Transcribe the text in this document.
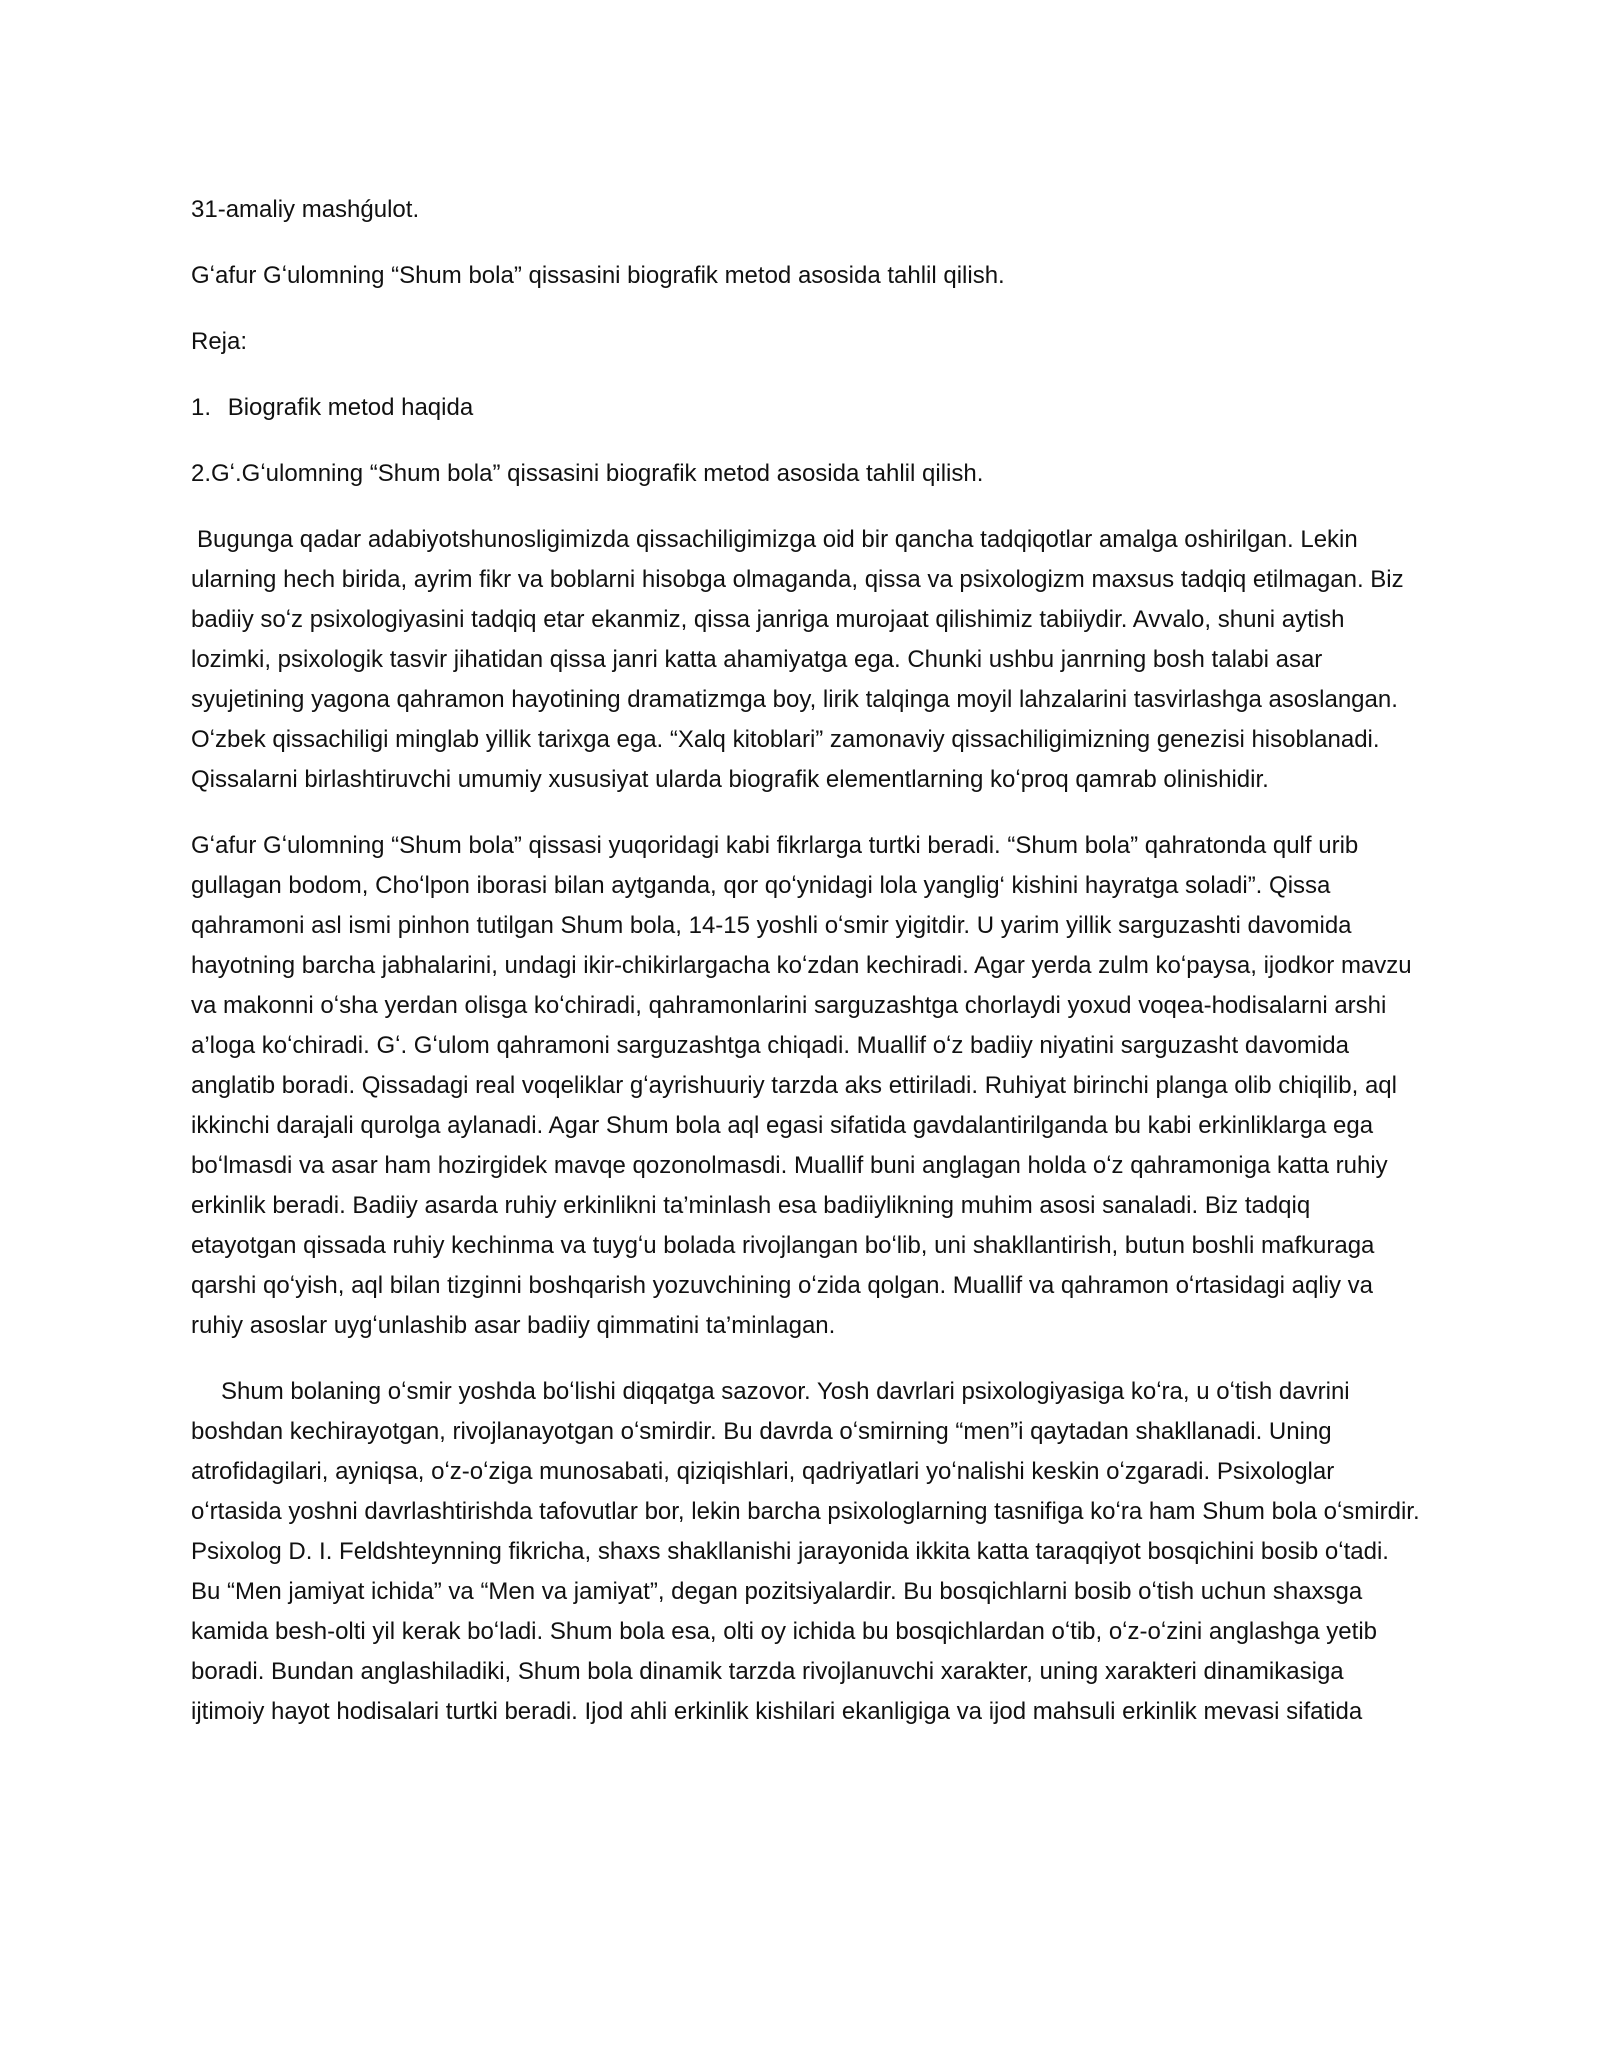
31-amaliy mashǵulot.

Gʻafur Gʻulomning “Shum bola” qissasini biografik metod asosida tahlil qilish.

Reja:

1. Biografik metod haqida

2.Gʻ.Gʻulomning “Shum bola” qissasini biografik metod asosida tahlil qilish.

Bugunga qadar adabiyotshunosligimizda qissachiligimizga oid bir qancha tadqiqotlar amalga oshirilgan. Lekin ularning hech birida, ayrim fikr va boblarni hisobga olmaganda, qissa va psixologizm maxsus tadqiq etilmagan. Biz badiiy soʻz psixologiyasini tadqiq etar ekanmiz, qissa janriga murojaat qilishimiz tabiiydir. Avvalo, shuni aytish lozimki, psixologik tasvir jihatidan qissa janri katta ahamiyatga ega. Chunki ushbu janrning bosh talabi asar syujetining yagona qahramon hayotining dramatizmga boy, lirik talqinga moyil lahzalarini tasvirlashga asoslangan. Oʻzbek qissachiligi minglab yillik tarixga ega. “Xalq kitoblari” zamonaviy qissachiligimizning genezisi hisoblanadi. Qissalarni birlashtiruvchi umumiy xususiyat ularda biografik elementlarning koʻproq qamrab olinishidir.

Gʻafur Gʻulomning “Shum bola” qissasi yuqoridagi kabi fikrlarga turtki beradi. “Shum bola” qahratonda qulf urib gullagan bodom, Choʻlpon iborasi bilan aytganda, qor qoʻynidagi lola yanglig‘ kishini hayratga soladi”. Qissa qahramoni asl ismi pinhon tutilgan Shum bola, 14-15 yoshli oʻsmir yigitdir. U yarim yillik sarguzashti davomida hayotning barcha jabhalarini, undagi ikir-chikirlargacha koʻzdan kechiradi. Agar yerda zulm koʻpaysa, ijodkor mavzu va makonni oʻsha yerdan olisga koʻchiradi, qahramonlarini sarguzashtga chorlaydi yoxud voqea-hodisalarni arshi a’loga koʻchiradi. Gʻ. Gʻulom qahramoni sarguzashtga chiqadi. Muallif oʻz badiiy niyatini sarguzasht davomida anglatib boradi. Qissadagi real voqeliklar gʻayrishuuriy tarzda aks ettiriladi. Ruhiyat birinchi planga olib chiqilib, aql ikkinchi darajali qurolga aylanadi. Agar Shum bola aql egasi sifatida gavdalantirilganda bu kabi erkinliklarga ega boʻlmasdi va asar ham hozirgidek mavqe qozonolmasdi. Muallif buni anglagan holda oʻz qahramoniga katta ruhiy erkinlik beradi. Badiiy asarda ruhiy erkinlikni ta’minlash esa badiiylikning muhim asosi sanaladi. Biz tadqiq etayotgan qissada ruhiy kechinma va tuygʻu bolada rivojlangan boʻlib, uni shakllantirish, butun boshli mafkuraga qarshi qoʻyish, aql bilan tizginni boshqarish yozuvchining oʻzida qolgan. Muallif va qahramon oʻrtasidagi aqliy va ruhiy asoslar uygʻunlashib asar badiiy qimmatini ta’minlagan.

Shum bolaning oʻsmir yoshda boʻlishi diqqatga sazovor. Yosh davrlari psixologiyasiga koʻra, u oʻtish davrini boshdan kechirayotgan, rivojlanayotgan oʻsmirdir. Bu davrda oʻsmirning “men”i qaytadan shakllanadi. Uning atrofidagilari, ayniqsa, oʻz-oʻziga munosabati, qiziqishlari, qadriyatlari yoʻnalishi keskin oʻzgaradi. Psixologlar oʻrtasida yoshni davrlashtirishda tafovutlar bor, lekin barcha psixologlarning tasnifiga koʻra ham Shum bola oʻsmirdir. Psixolog D. I. Feldshteynning fikricha, shaxs shakllanishi jarayonida ikkita katta taraqqiyot bosqichini bosib oʻtadi. Bu “Men jamiyat ichida” va “Men va jamiyat”, degan pozitsiyalardir. Bu bosqichlarni bosib oʻtish uchun shaxsga kamida besh-olti yil kerak boʻladi. Shum bola esa, olti oy ichida bu bosqichlardan oʻtib, oʻz-oʻzini anglashga yetib boradi. Bundan anglashiladiki, Shum bola dinamik tarzda rivojlanuvchi xarakter, uning xarakteri dinamikasiga ijtimoiy hayot hodisalari turtki beradi. Ijod ahli erkinlik kishilari ekanligiga va ijod mahsuli erkinlik mevasi sifatida
